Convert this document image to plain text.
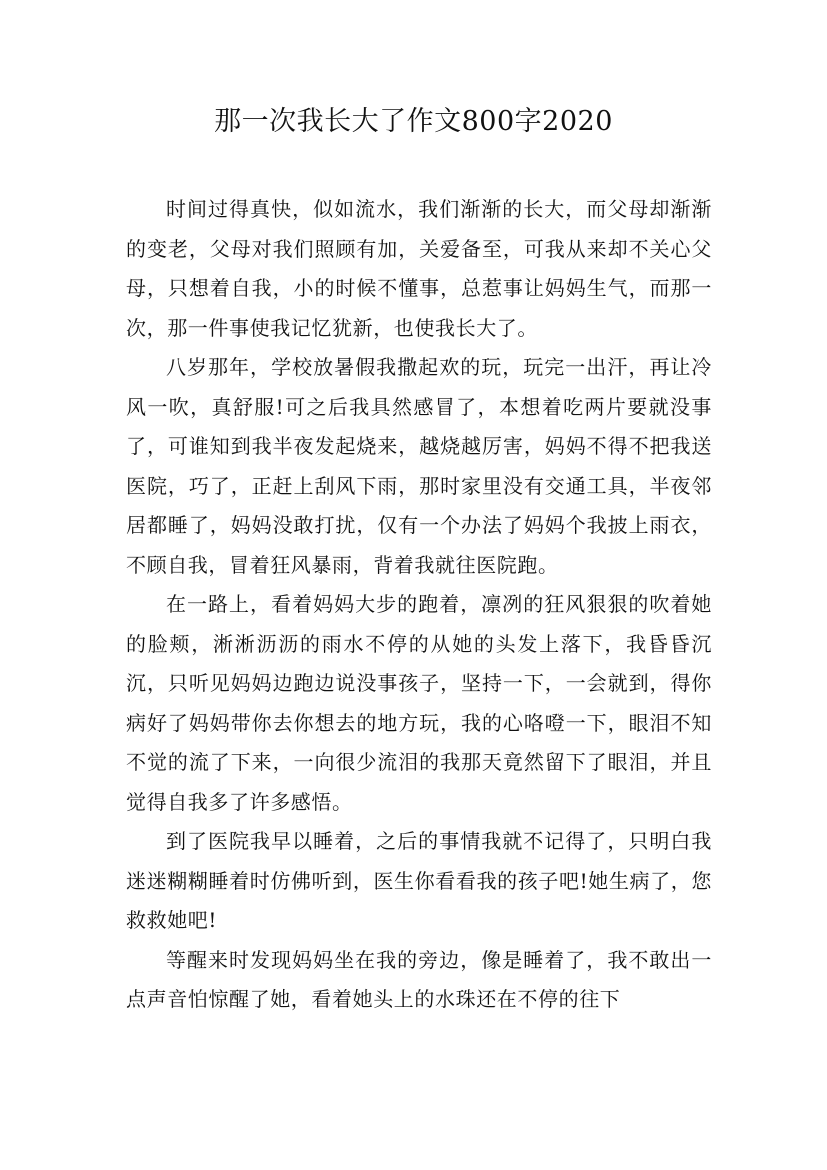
那一次我长大了作文800字2020

时间过得真快，似如流水，我们渐渐的长大，而父母却渐渐的变老，父母对我们照顾有加，关爱备至，可我从来却不关心父母，只想着自我，小的时候不懂事，总惹事让妈妈生气，而那一次，那一件事使我记忆犹新，也使我长大了。

八岁那年，学校放暑假我撒起欢的玩，玩完一出汗，再让冷风一吹，真舒服!可之后我具然感冒了，本想着吃两片要就没事了，可谁知到我半夜发起烧来，越烧越厉害，妈妈不得不把我送医院，巧了，正赶上刮风下雨，那时家里没有交通工具，半夜邻居都睡了，妈妈没敢打扰，仅有一个办法了妈妈个我披上雨衣，不顾自我，冒着狂风暴雨，背着我就往医院跑。

在一路上，看着妈妈大步的跑着，凛冽的狂风狠狠的吹着她的脸颊，淅淅沥沥的雨水不停的从她的头发上落下，我昏昏沉沉，只听见妈妈边跑边说没事孩子，坚持一下，一会就到，得你病好了妈妈带你去你想去的地方玩，我的心咯噔一下，眼泪不知不觉的流了下来，一向很少流泪的我那天竟然留下了眼泪，并且觉得自我多了许多感悟。

到了医院我早以睡着，之后的事情我就不记得了，只明白我迷迷糊糊睡着时仿佛听到，医生你看看我的孩子吧!她生病了，您救救她吧!

等醒来时发现妈妈坐在我的旁边，像是睡着了，我不敢出一点声音怕惊醒了她，看着她头上的水珠还在不停的往下
